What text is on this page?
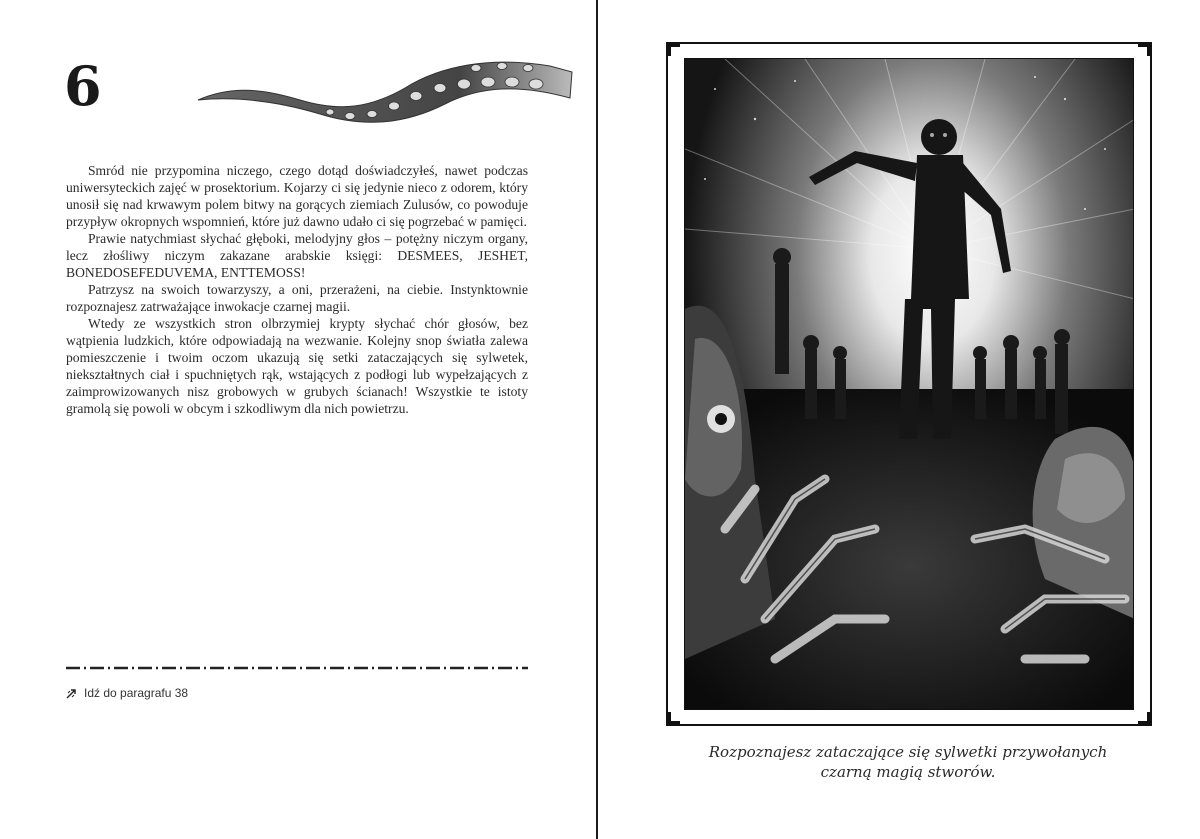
6

Smród nie przypomina niczego, czego dotąd doświadczyłeś, nawet podczas uniwersyteckich zajęć w prosektorium. Kojarzy ci się jedynie nieco z odorem, który unosił się nad krwawym polem bitwy na gorących ziemiach Zulusów, co powoduje przypływ okropnych wspomnień, które już dawno udało ci się pogrzebać w pamięci.

Prawie natychmiast słychać głęboki, melodyjny głos – potężny niczym organy, lecz złośliwy niczym zakazane arabskie księgi: DESMEES, JESHET, BONEDOSEFEDUVEMA, ENTTEMOSS!

Patrzysz na swoich towarzyszy, a oni, przerażeni, na ciebie. Instynktownie rozpoznajesz zatrważające inwokacje czarnej magii.

Wtedy ze wszystkich stron olbrzymiej krypty słychać chór głosów, bez wątpienia ludzkich, które odpowiadają na wezwanie. Kolejny snop światła zalewa pomieszczenie i twoim oczom ukazują się setki zataczających się sylwetek, niekształtnych ciał i spuchniętych rąk, wstających z podłogi lub wypełzających z zaimprowizowanych nisz grobowych w grubych ścianach! Wszystkie te istoty gramolą się powoli w obcym i szkodliwym dla nich powietrzu.

Idź do paragrafu 38
Rozpoznajesz zataczające się sylwetki przywołanych
czarną magią stworów.
